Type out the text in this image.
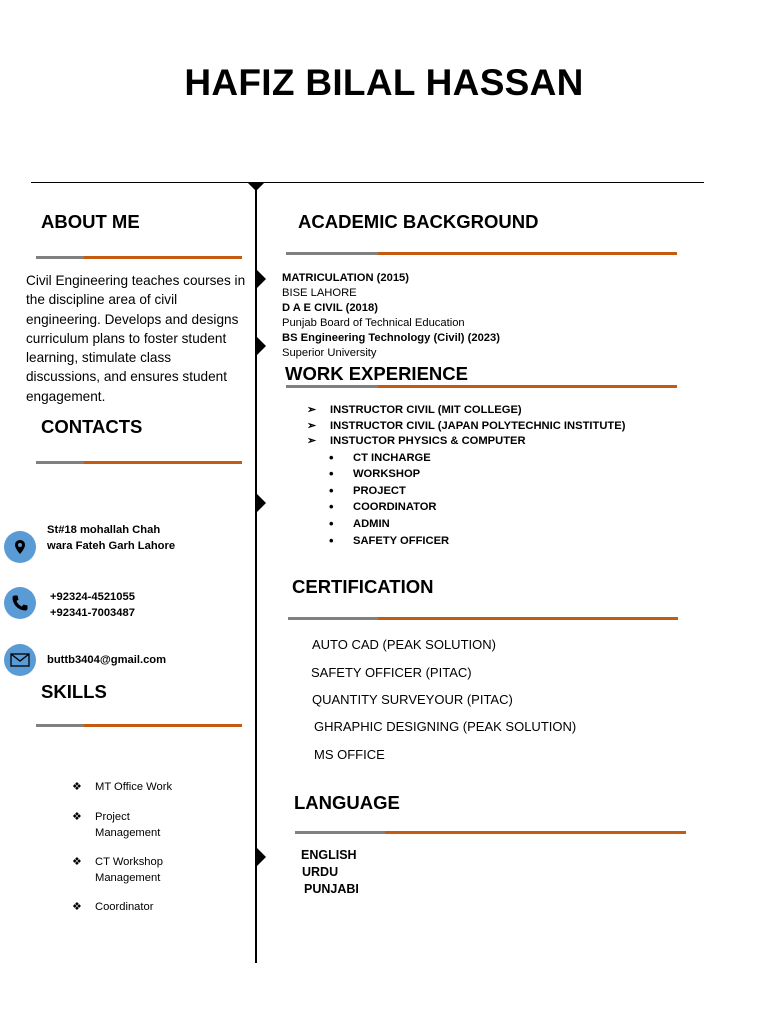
HAFIZ BILAL HASSAN
ABOUT ME
Civil Engineering teaches courses in the discipline area of civil engineering. Develops and designs curriculum plans to foster student learning, stimulate class discussions, and ensures student engagement.
CONTACTS
St#18 mohallah Chah
wara Fateh Garh Lahore
+92324-4521055
+92341-7003487
buttb3404@gmail.com
SKILLS
❖ MT Office Work
❖ Project
Management
❖ CT Workshop
Management
❖ Coordinator
ACADEMIC BACKGROUND
MATRICULATION (2015)
BISE LAHORE
D A E CIVIL (2018)
Punjab Board of Technical Education
BS Engineering Technology (Civil) (2023)
Superior University
WORK EXPERIENCE
➢ INSTRUCTOR CIVIL (MIT COLLEGE)
➢ INSTRUCTOR CIVIL (JAPAN POLYTECHNIC INSTITUTE)
➢ INSTUCTOR PHYSICS & COMPUTER
• CT INCHARGE
• WORKSHOP
• PROJECT
• COORDINATOR
• ADMIN
• SAFETY OFFICER
CERTIFICATION
AUTO CAD (PEAK SOLUTION)
SAFETY OFFICER (PITAC)
QUANTITY SURVEYOUR (PITAC)
GHRAPHIC DESIGNING (PEAK SOLUTION)
MS OFFICE
LANGUAGE
ENGLISH
URDU
PUNJABI
